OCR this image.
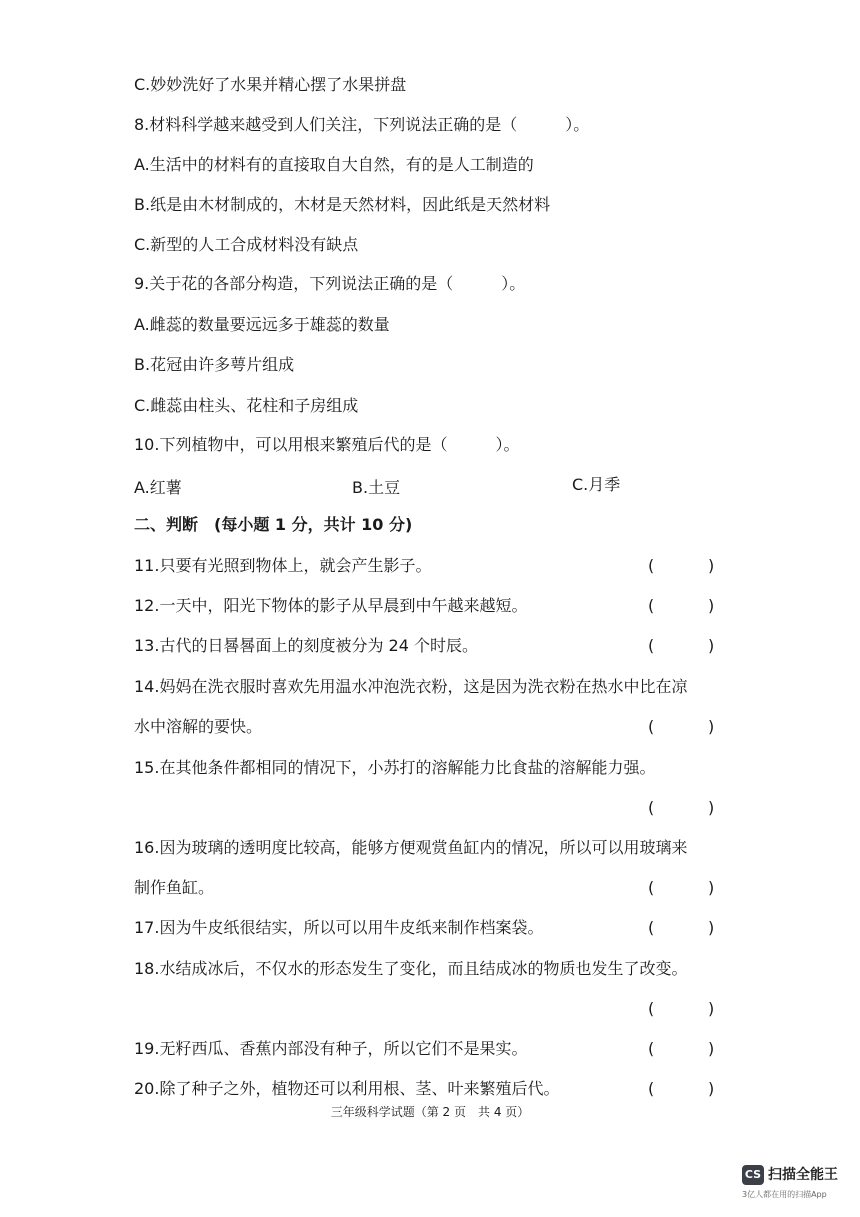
C.妙妙洗好了水果并精心摆了水果拼盘
8.材料科学越来越受到人们关注，下列说法正确的是（　　　）。
A.生活中的材料有的直接取自大自然，有的是人工制造的
B.纸是由木材制成的，木材是天然材料，因此纸是天然材料
C.新型的人工合成材料没有缺点
9.关于花的各部分构造，下列说法正确的是（　　　）。
A.雌蕊的数量要远远多于雄蕊的数量
B.花冠由许多萼片组成
C.雌蕊由柱头、花柱和子房组成
10.下列植物中，可以用根来繁殖后代的是（　　　）。
A.红薯	B.土豆	C.月季
二、判断　(每小题 1 分，共计 10 分)
11.只要有光照到物体上，就会产生影子。	(	)
12.一天中，阳光下物体的影子从早晨到中午越来越短。	(	)
13.古代的日晷晷面上的刻度被分为 24 个时辰。	(	)
14.妈妈在洗衣服时喜欢先用温水冲泡洗衣粉，这是因为洗衣粉在热水中比在凉
水中溶解的要快。	(	)
15.在其他条件都相同的情况下，小苏打的溶解能力比食盐的溶解能力强。
(	)
16.因为玻璃的透明度比较高，能够方便观赏鱼缸内的情况，所以可以用玻璃来
制作鱼缸。	(	)
17.因为牛皮纸很结实，所以可以用牛皮纸来制作档案袋。	(	)
18.水结成冰后，不仅水的形态发生了变化，而且结成冰的物质也发生了改变。
(	)
19.无籽西瓜、香蕉内部没有种子，所以它们不是果实。	(	)
20.除了种子之外，植物还可以利用根、茎、叶来繁殖后代。	(	)
三年级科学试题（第 2 页　共 4 页）
CS 扫描全能王
3亿人都在用的扫描App
